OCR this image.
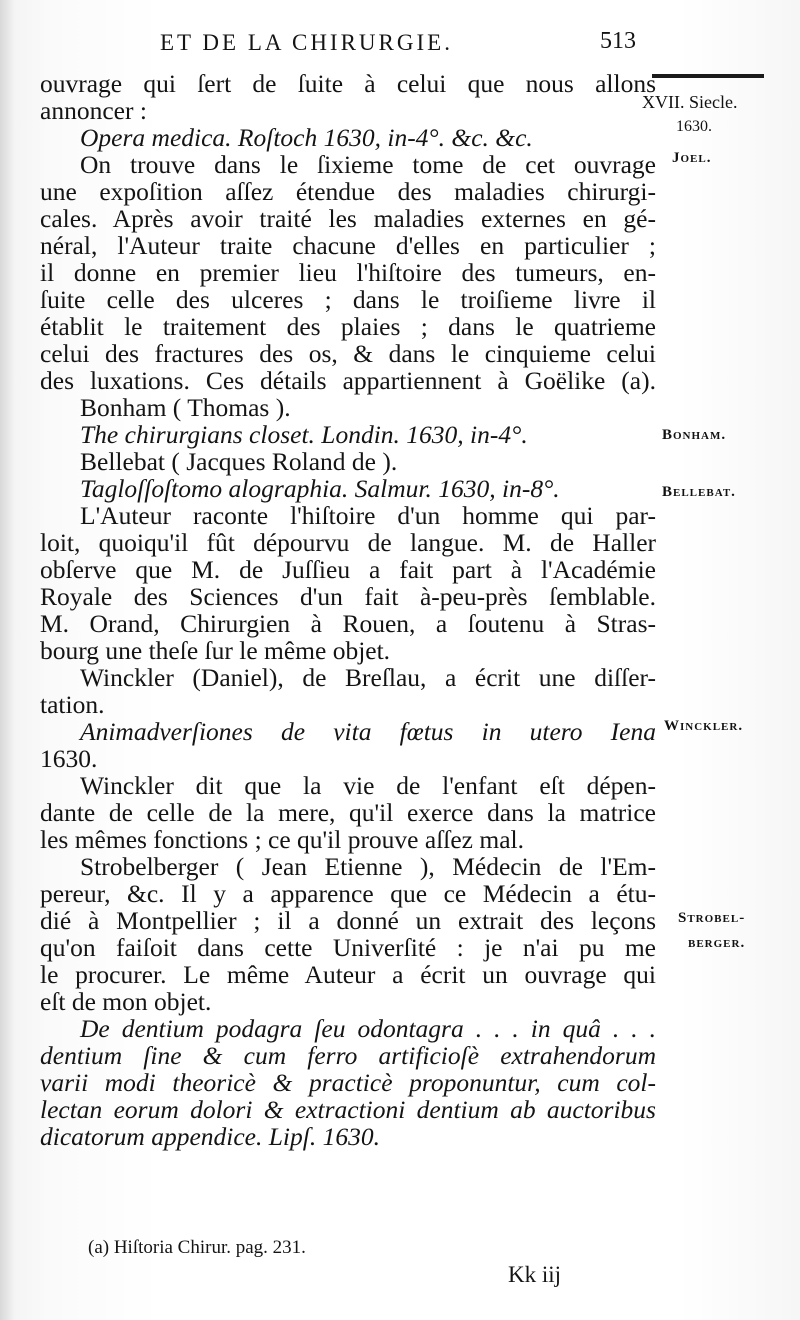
ET DE LA CHIRURGIE.	513
ouvrage qui ſert de ſuite à celui que nous allons
annoncer :
Opera medica. Roſtoch 1630, in-4°. &c. &c.
On trouve dans le ſixieme tome de cet ouvrage
une expoſition aſſez étendue des maladies chirurgi-
cales. Après avoir traité les maladies externes en gé-
néral, l'Auteur traite chacune d'elles en particulier ;
il donne en premier lieu l'hiſtoire des tumeurs, en-
ſuite celle des ulceres ; dans le troiſieme livre il
établit le traitement des plaies ; dans le quatrieme
celui des fractures des os, & dans le cinquieme celui
des luxations. Ces détails appartiennent à Goëlike (a).
Bonham ( Thomas ).
The chirurgians closet. Londin. 1630, in-4°.
Bellebat ( Jacques Roland de ).
Tagloſſoſtomo alographia. Salmur. 1630, in-8°.
L'Auteur raconte l'hiſtoire d'un homme qui par-
loit, quoiqu'il fût dépourvu de langue. M. de Haller
obſerve que M. de Juſſieu a fait part à l'Académie
Royale des Sciences d'un fait à-peu-près ſemblable.
M. Orand, Chirurgien à Rouen, a ſoutenu à Stras-
bourg une theſe ſur le même objet.
Winckler (Daniel), de Breſlau, a écrit une diſſer-
tation.
Animadverſiones de vita fœtus in utero Iena
1630.
Winckler dit que la vie de l'enfant eſt dépen-
dante de celle de la mere, qu'il exerce dans la matrice
les mêmes fonctions ; ce qu'il prouve aſſez mal.
Strobelberger ( Jean Etienne ), Médecin de l'Em-
pereur, &c. Il y a apparence que ce Médecin a étu-
dié à Montpellier ; il a donné un extrait des leçons
qu'on faiſoit dans cette Univerſité : je n'ai pu me
le procurer. Le même Auteur a écrit un ouvrage qui
eſt de mon objet.
De dentium podagra ſeu odontagra . . . in quâ . . .
dentium ſine & cum ferro artificioſè extrahendorum
varii modi theoricè & practicè proponuntur, cum col-
lectan eorum dolori & extractioni dentium ab auctoribus
dicatorum appendice. Lipſ. 1630.
XVII. Siecle.
1630.
Joel.
Bonham.
Bellebat.
Winckler.
Strobel-
berger.
(a) Hiſtoria Chirur. pag. 231.
Kk iij
